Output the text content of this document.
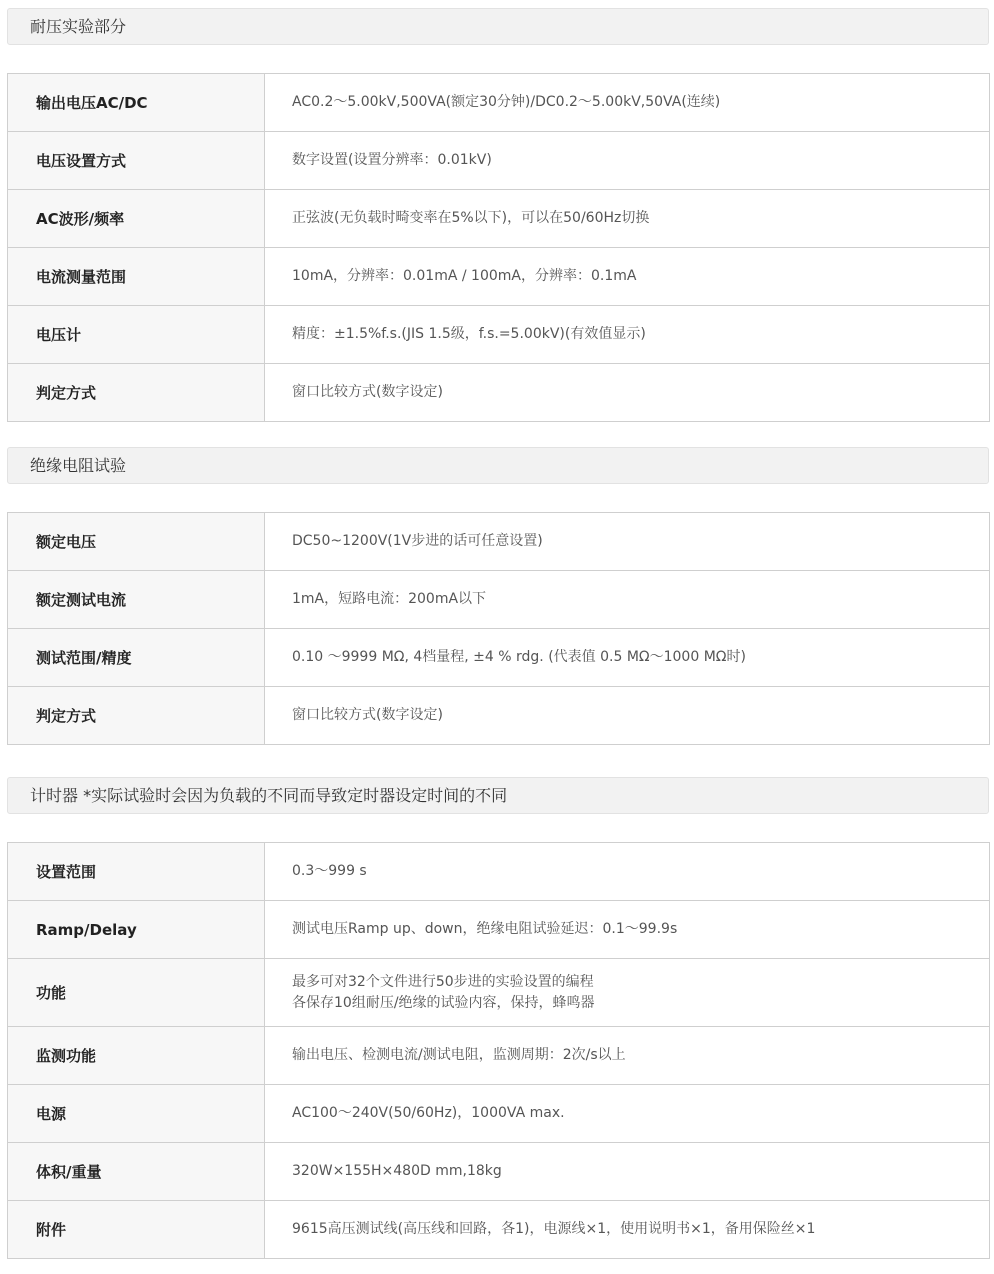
耐压实验部分
输出电压AC/DC	AC0.2～5.00kV,500VA(额定30分钟)/DC0.2～5.00kV,50VA(连续)
电压设置方式	数字设置(设置分辨率：0.01kV)
AC波形/频率	正弦波(无负载时畸变率在5%以下)，可以在50/60Hz切换
电流测量范围	10mA，分辨率：0.01mA / 100mA，分辨率：0.1mA
电压计	精度：±1.5%f.s.(JIS 1.5级，f.s.=5.00kV)(有效值显示)
判定方式	窗口比较方式(数字设定)
绝缘电阻试验
额定电压	DC50~1200V(1V步进的话可任意设置)
额定测试电流	1mA，短路电流：200mA以下
测试范围/精度	0.10 ～9999 MΩ, 4档量程, ±4 % rdg. (代表值 0.5 MΩ～1000 MΩ时)
判定方式	窗口比较方式(数字设定)
计时器 *实际试验时会因为负载的不同而导致定时器设定时间的不同
设置范围	0.3～999 s
Ramp/Delay	测试电压Ramp up、down，绝缘电阻试验延迟：0.1～99.9s
功能	最多可对32个文件进行50步进的实验设置的编程
各保存10组耐压/绝缘的试验内容，保持，蜂鸣器

监测功能	输出电压、检测电流/测试电阻，监测周期：2次/s以上
电源	AC100～240V(50/60Hz)，1000VA max.
体积/重量	320W×155H×480D mm,18kg
附件	9615高压测试线(高压线和回路，各1)，电源线×1，使用说明书×1，备用保险丝×1
